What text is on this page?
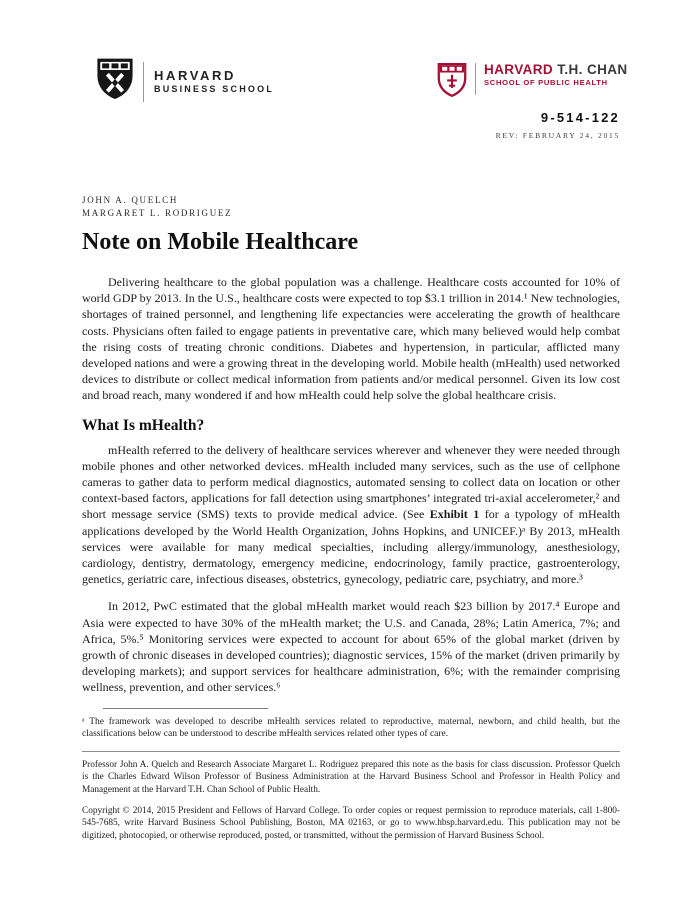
HARVARD
BUSINESS SCHOOL
HARVARD T.H. CHAN
SCHOOL OF PUBLIC HEALTH
9-514-122
REV: FEBRUARY 24, 2015
JOHN A. QUELCH
MARGARET L. RODRIGUEZ
Note on Mobile Healthcare

Delivering healthcare to the global population was a challenge. Healthcare costs accounted for 10% of world GDP by 2013. In the U.S., healthcare costs were expected to top $3.1 trillion in 2014.¹ New technologies, shortages of trained personnel, and lengthening life expectancies were accelerating the growth of healthcare costs. Physicians often failed to engage patients in preventative care, which many believed would help combat the rising costs of treating chronic conditions. Diabetes and hypertension, in particular, afflicted many developed nations and were a growing threat in the developing world. Mobile health (mHealth) used networked devices to distribute or collect medical information from patients and/or medical personnel. Given its low cost and broad reach, many wondered if and how mHealth could help solve the global healthcare crisis.

What Is mHealth?

mHealth referred to the delivery of healthcare services wherever and whenever they were needed through mobile phones and other networked devices. mHealth included many services, such as the use of cellphone cameras to gather data to perform medical diagnostics, automated sensing to collect data on location or other context-based factors, applications for fall detection using smartphones’ integrated tri-axial accelerometer,² and short message service (SMS) texts to provide medical advice. (See Exhibit 1 for a typology of mHealth applications developed by the World Health Organization, Johns Hopkins, and UNICEF.)ᵃ By 2013, mHealth services were available for many medical specialties, including allergy/immunology, anesthesiology, cardiology, dentistry, dermatology, emergency medicine, endocrinology, family practice, gastroenterology, genetics, geriatric care, infectious diseases, obstetrics, gynecology, pediatric care, psychiatry, and more.³

In 2012, PwC estimated that the global mHealth market would reach $23 billion by 2017.⁴ Europe and Asia were expected to have 30% of the mHealth market; the U.S. and Canada, 28%; Latin America, 7%; and Africa, 5%.⁵ Monitoring services were expected to account for about 65% of the global market (driven by growth of chronic diseases in developed countries); diagnostic services, 15% of the market (driven primarily by developing markets); and support services for healthcare administration, 6%; with the remainder comprising wellness, prevention, and other services.⁶

ᵃ The framework was developed to describe mHealth services related to reproductive, maternal, newborn, and child health, but the classifications below can be understood to describe mHealth services related other types of care.
Professor John A. Quelch and Research Associate Margaret L. Rodriguez prepared this note as the basis for class discussion. Professor Quelch is the Charles Edward Wilson Professor of Business Administration at the Harvard Business School and Professor in Health Policy and Management at the Harvard T.H. Chan School of Public Health.
Copyright © 2014, 2015 President and Fellows of Harvard College. To order copies or request permission to reproduce materials, call 1-800-545-7685, write Harvard Business School Publishing, Boston, MA 02163, or go to www.hbsp.harvard.edu. This publication may not be digitized, photocopied, or otherwise reproduced, posted, or transmitted, without the permission of Harvard Business School.
